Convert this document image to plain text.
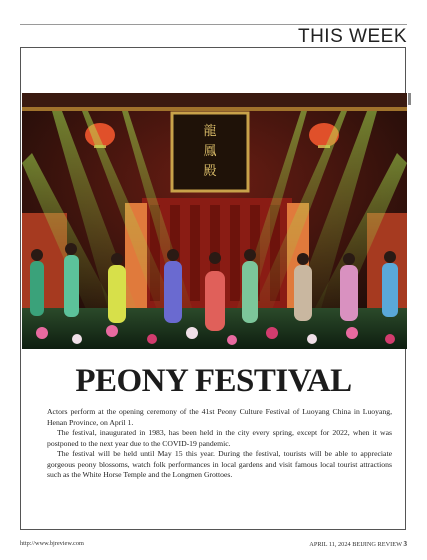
THIS WEEK
龍
鳳
殿
PEONY FESTIVAL

Actors perform at the opening ceremony of the 41st Peony Culture Festival of Luoyang China in Luoyang, Henan Province, on April 1.

The festival, inaugurated in 1983, has been held in the city every spring, except for 2022, when it was postponed to the next year due to the COVID-19 pandemic.

The festival will be held until May 15 this year. During the festival, tourists will be able to appreciate gorgeous peony blossoms, watch folk performances in local gardens and visit famous local tourist attractions such as the White Horse Temple and the Longmen Grottoes.

http://www.bjreview.com	APRIL 11, 2024 BEIJING REVIEW 3
